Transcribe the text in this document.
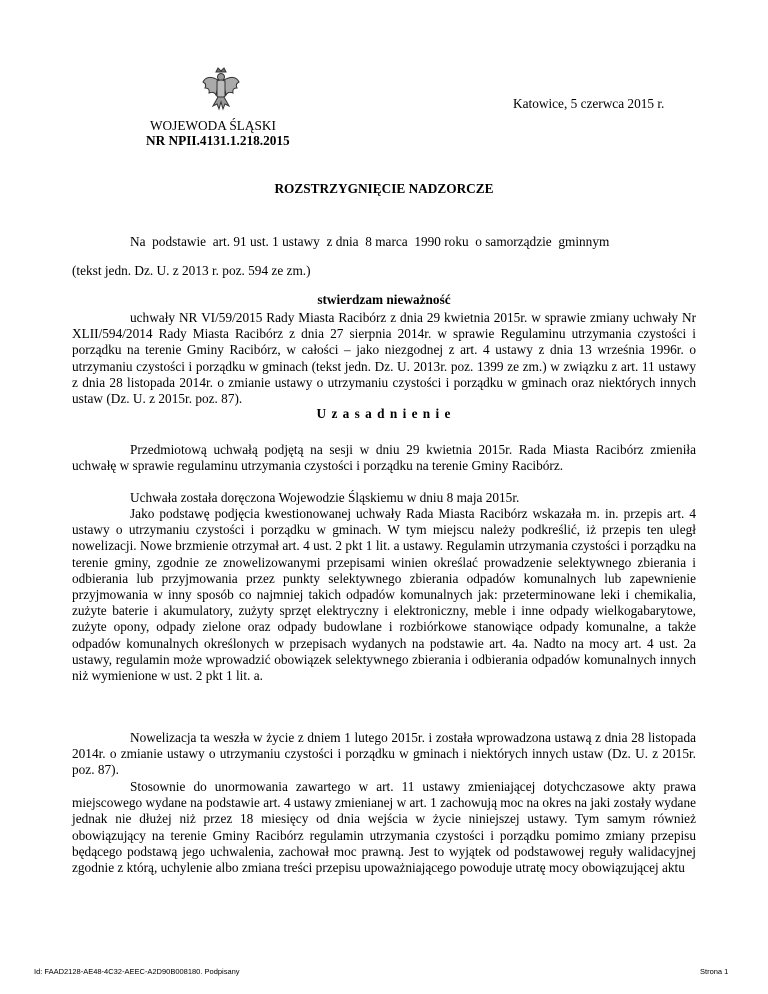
WOJEWODA ŚLĄSKI
NR NPII.4131.1.218.2015
Katowice, 5 czerwca 2015 r.
ROZSTRZYGNIĘCIE NADZORCZE
Na  podstawie  art. 91 ust. 1 ustawy  z dnia  8 marca  1990 roku  o samorządzie  gminnym
(tekst jedn. Dz. U. z 2013 r. poz. 594 ze zm.)
stwierdzam nieważność

uchwały NR VI/59/2015 Rady Miasta Racibórz z dnia 29 kwietnia 2015r. w sprawie zmiany uchwały Nr XLII/594/2014 Rady Miasta Racibórz z dnia 27 sierpnia 2014r. w sprawie Regulaminu utrzymania czystości i porządku na terenie Gminy Racibórz, w całości – jako niezgodnej z art. 4 ustawy z dnia 13 września 1996r. o utrzymaniu czystości i porządku w gminach (tekst jedn. Dz. U. 2013r. poz. 1399 ze zm.) w związku z art. 11 ustawy z dnia 28 listopada 2014r. o zmianie ustawy o utrzymaniu czystości i porządku w gminach oraz niektórych innych ustaw (Dz. U. z 2015r. poz. 87).

U z a s a d n i e n i e

Przedmiotową uchwałą podjętą na sesji w dniu 29 kwietnia 2015r. Rada Miasta Racibórz zmieniła uchwałę w sprawie regulaminu utrzymania czystości i porządku na terenie Gminy Racibórz.

Uchwała została doręczona Wojewodzie Śląskiemu w dniu 8 maja 2015r.

Jako podstawę podjęcia kwestionowanej uchwały Rada Miasta Racibórz wskazała m. in. przepis art. 4 ustawy o utrzymaniu czystości i porządku w gminach. W tym miejscu należy podkreślić, iż przepis ten uległ nowelizacji. Nowe brzmienie otrzymał art. 4 ust. 2 pkt 1 lit. a ustawy. Regulamin utrzymania czystości i porządku na terenie gminy, zgodnie ze znowelizowanymi przepisami winien określać prowadzenie selektywnego zbierania i odbierania lub przyjmowania przez punkty selektywnego zbierania odpadów komunalnych lub zapewnienie przyjmowania w inny sposób co najmniej takich odpadów komunalnych jak: przeterminowane leki i chemikalia, zużyte baterie i akumulatory, zużyty sprzęt elektryczny i elektroniczny, meble i inne odpady wielkogabarytowe, zużyte opony, odpady zielone oraz odpady budowlane i rozbiórkowe stanowiące odpady komunalne, a także odpadów komunalnych określonych w przepisach wydanych na podstawie art. 4a. Nadto na mocy art. 4 ust. 2a ustawy, regulamin może wprowadzić obowiązek selektywnego zbierania i odbierania odpadów komunalnych innych niż wymienione w ust. 2 pkt 1 lit. a.

Nowelizacja ta weszła w życie z dniem 1 lutego 2015r. i została wprowadzona ustawą z dnia 28 listopada 2014r. o zmianie ustawy o utrzymaniu czystości i porządku w gminach i niektórych innych ustaw (Dz. U. z 2015r. poz. 87).

Stosownie do unormowania zawartego w art. 11 ustawy zmieniającej dotychczasowe akty prawa miejscowego wydane na podstawie art. 4 ustawy zmienianej w art. 1 zachowują moc na okres na jaki zostały wydane jednak nie dłużej niż przez 18 miesięcy od dnia wejścia w życie niniejszej ustawy. Tym samym również obowiązujący na terenie Gminy Racibórz regulamin utrzymania czystości i porządku pomimo zmiany przepisu będącego podstawą jego uchwalenia, zachował moc prawną. Jest to wyjątek od podstawowej reguły walidacyjnej zgodnie z którą, uchylenie albo zmiana treści przepisu upoważniającego powoduje utratę mocy obowiązującej aktu

Id: FAAD2128-AE48-4C32-AEEC-A2D90B008180. Podpisany	Strona 1
